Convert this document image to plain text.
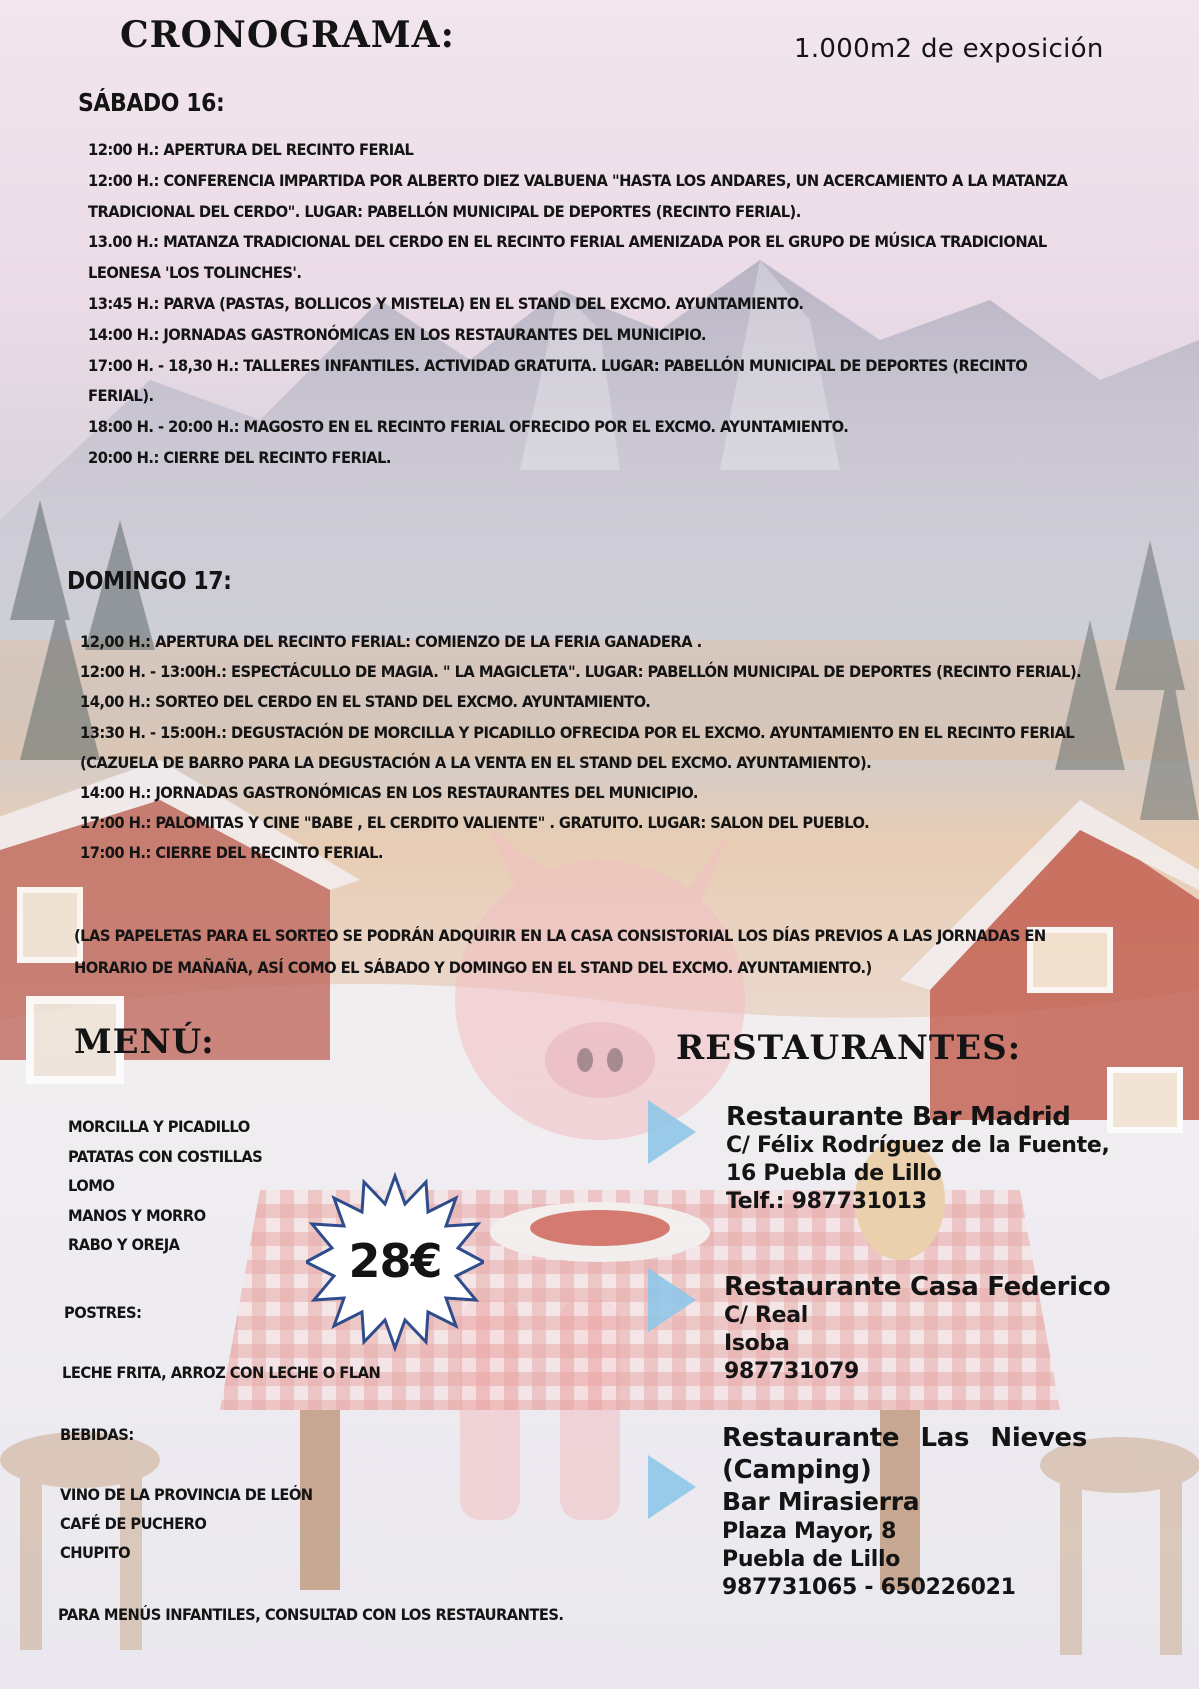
CRONOGRAMA:	1.000m2 de exposición
SÁBADO 16:
12:00 H.: APERTURA DEL RECINTO FERIAL
12:00 H.: CONFERENCIA IMPARTIDA POR ALBERTO DIEZ VALBUENA "HASTA LOS ANDARES, UN ACERCAMIENTO A LA MATANZA
TRADICIONAL DEL CERDO". LUGAR: PABELLÓN MUNICIPAL DE DEPORTES (RECINTO FERIAL).
13.00 H.: MATANZA TRADICIONAL DEL CERDO EN EL RECINTO FERIAL AMENIZADA POR EL GRUPO DE MÚSICA TRADICIONAL
LEONESA 'LOS TOLINCHES'.
13:45 H.: PARVA (PASTAS, BOLLICOS Y MISTELA) EN EL STAND DEL EXCMO. AYUNTAMIENTO.
14:00 H.: JORNADAS GASTRONÓMICAS EN LOS RESTAURANTES DEL MUNICIPIO.
17:00 H. - 18,30 H.: TALLERES INFANTILES. ACTIVIDAD GRATUITA. LUGAR: PABELLÓN MUNICIPAL DE DEPORTES (RECINTO
FERIAL).
18:00 H. - 20:00 H.: MAGOSTO EN EL RECINTO FERIAL OFRECIDO POR EL EXCMO. AYUNTAMIENTO.
20:00 H.: CIERRE DEL RECINTO FERIAL.
DOMINGO 17:
12,00 H.: APERTURA DEL RECINTO FERIAL: COMIENZO DE LA FERIA GANADERA .
12:00 H. - 13:00H.: ESPECTÁCULLO DE MAGIA. " LA MAGICLETA". LUGAR: PABELLÓN MUNICIPAL DE DEPORTES (RECINTO FERIAL).
14,00 H.: SORTEO DEL CERDO EN EL STAND DEL EXCMO. AYUNTAMIENTO.
13:30 H. - 15:00H.: DEGUSTACIÓN DE MORCILLA Y PICADILLO OFRECIDA POR EL EXCMO. AYUNTAMIENTO EN EL RECINTO FERIAL
(CAZUELA DE BARRO PARA LA DEGUSTACIÓN A LA VENTA EN EL STAND DEL EXCMO. AYUNTAMIENTO).
14:00 H.: JORNADAS GASTRONÓMICAS EN LOS RESTAURANTES DEL MUNICIPIO.
17:00 H.: PALOMITAS Y CINE "BABE , EL CERDITO VALIENTE" . GRATUITO. LUGAR: SALON DEL PUEBLO.
17:00 H.: CIERRE DEL RECINTO FERIAL.
(LAS PAPELETAS PARA EL SORTEO SE PODRÁN ADQUIRIR EN LA CASA CONSISTORIAL LOS DÍAS PREVIOS A LAS JORNADAS EN
HORARIO DE MAÑAÑA, ASÍ COMO EL SÁBADO Y DOMINGO EN EL STAND DEL EXCMO. AYUNTAMIENTO.)
MENÚ:
MORCILLA Y PICADILLO
PATATAS CON COSTILLAS
LOMO
MANOS Y MORRO
RABO Y OREJA
POSTRES:
LECHE FRITA, ARROZ CON LECHE O FLAN
BEBIDAS:
VINO DE LA PROVINCIA DE LEÓN
CAFÉ DE PUCHERO
CHUPITO
PARA MENÚS INFANTILES, CONSULTAD CON LOS RESTAURANTES.
28€
RESTAURANTES:
Restaurante Bar Madrid
C/ Félix Rodríguez de la Fuente,
16 Puebla de Lillo
Telf.: 987731013
Restaurante Casa Federico
C/ Real
Isoba
987731079
Restaurante Las Nieves (Camping)
Bar Mirasierra
Plaza Mayor, 8
Puebla de Lillo
987731065 - 650226021
